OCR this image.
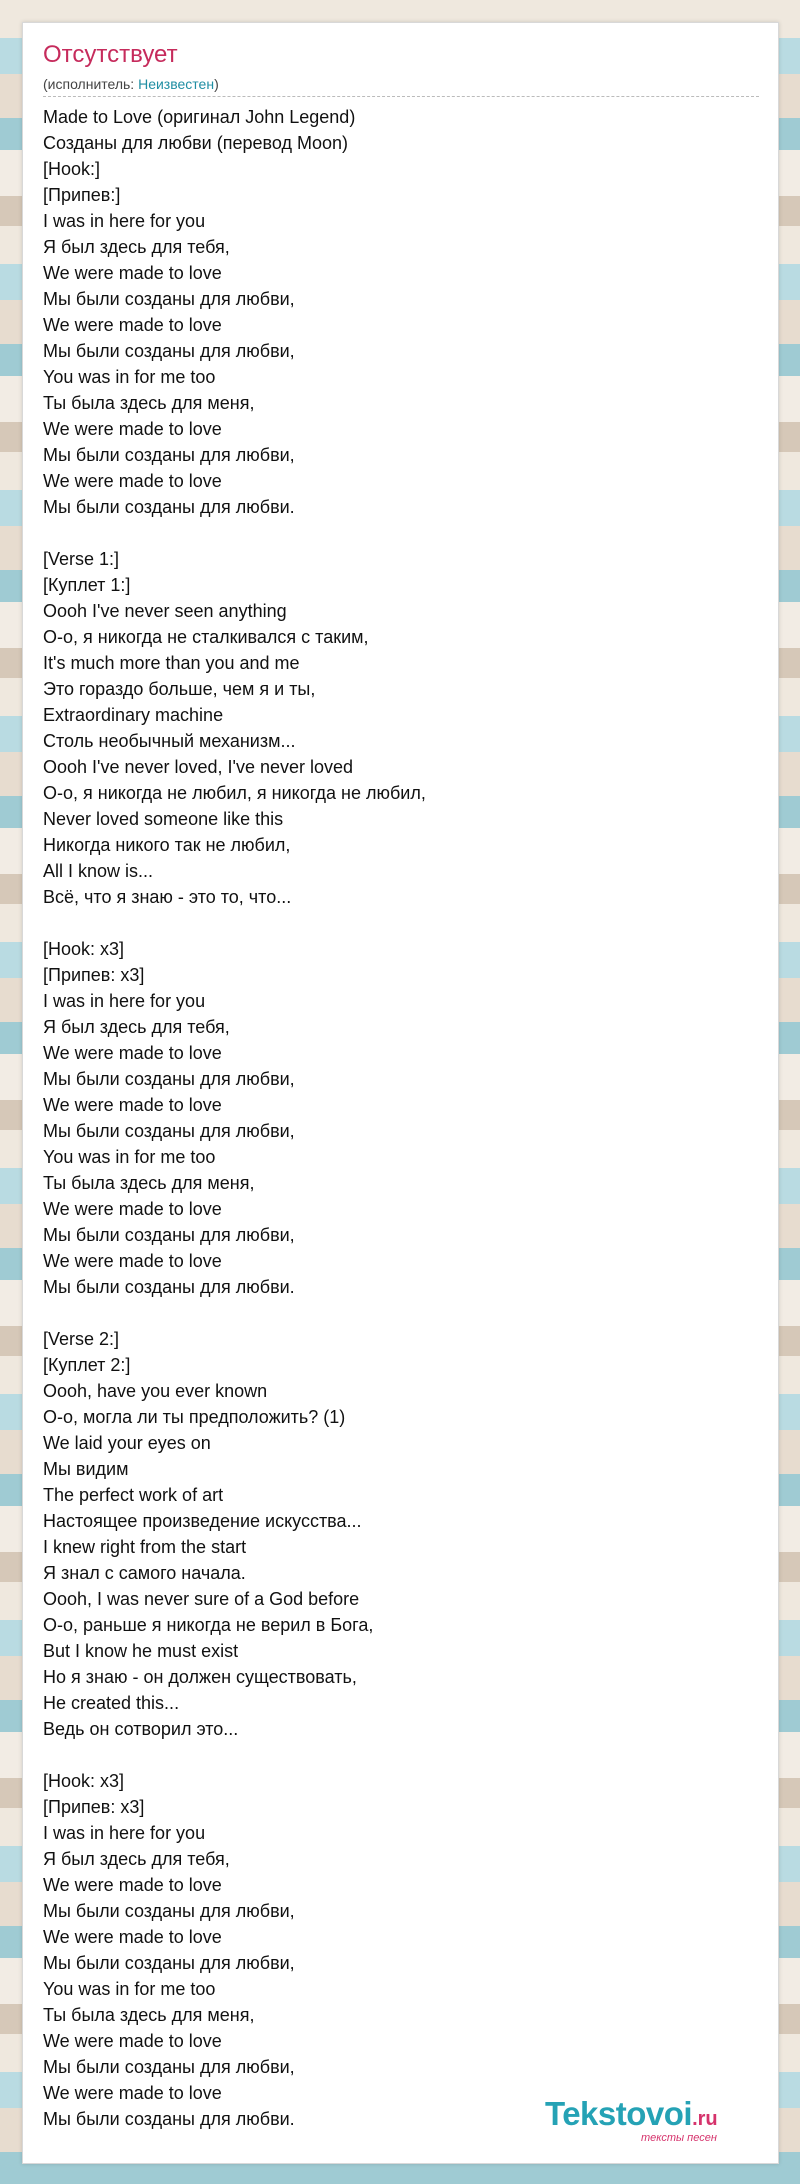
Отсутствует
(исполнитель: Неизвестен)
Made to Love (оригинал John Legend)
Созданы для любви (перевод Moon)
[Hook:]
[Припев:]
I was in here for you
Я был здесь для тебя,
We were made to love
Мы были созданы для любви,
We were made to love
Мы были созданы для любви,
You was in for me too
Ты была здесь для меня,
We were made to love
Мы были созданы для любви,
We were made to love
Мы были созданы для любви.
[Verse 1:]
[Куплет 1:]
Oooh I've never seen anything
О-о, я никогда не сталкивался с таким,
It's much more than you and me
Это гораздо больше, чем я и ты,
Extraordinary machine
Столь необычный механизм...
Oooh I've never loved, I've never loved
О-о, я никогда не любил, я никогда не любил,
Never loved someone like this
Никогда никого так не любил,
All I know is...
Всё, что я знаю - это то, что...
[Hook: x3]
[Припев: x3]
I was in here for you
Я был здесь для тебя,
We were made to love
Мы были созданы для любви,
We were made to love
Мы были созданы для любви,
You was in for me too
Ты была здесь для меня,
We were made to love
Мы были созданы для любви,
We were made to love
Мы были созданы для любви.
[Verse 2:]
[Куплет 2:]
Oooh, have you ever known
О-о, могла ли ты предположить? (1)
We laid your eyes on
Мы видим
The perfect work of art
Настоящее произведение искусства...
I knew right from the start
Я знал с самого начала.
Oooh, I was never sure of a God before
О-о, раньше я никогда не верил в Бога,
But I know he must exist
Но я знаю - он должен существовать,
He created this...
Ведь он сотворил это...
[Hook: x3]
[Припев: x3]
I was in here for you
Я был здесь для тебя,
We were made to love
Мы были созданы для любви,
We were made to love
Мы были созданы для любви,
You was in for me too
Ты была здесь для меня,
We were made to love
Мы были созданы для любви,
We were made to love
Мы были созданы для любви.	Tekstovoi.ru
тексты песен
